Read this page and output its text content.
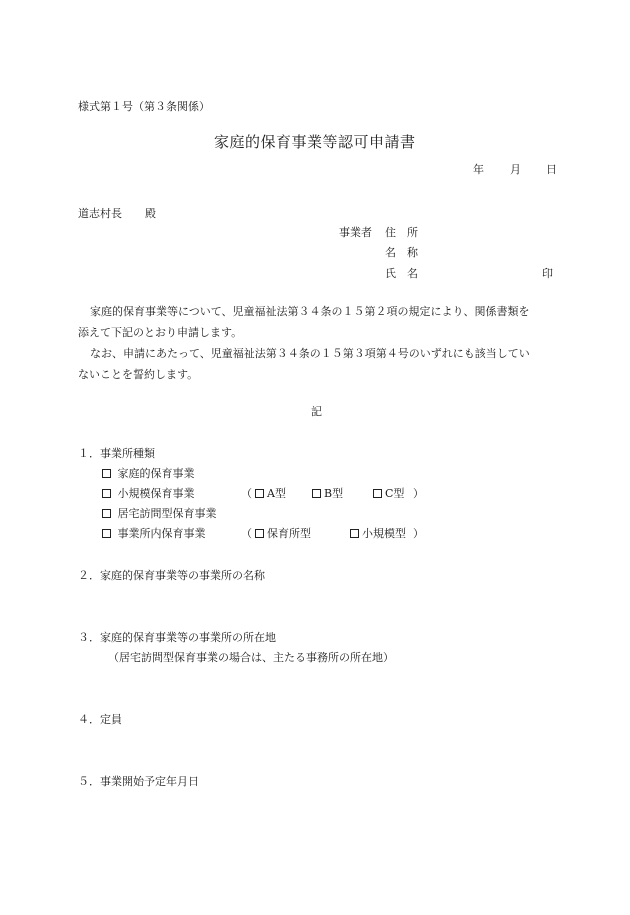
様式第１号（第３条関係）
家庭的保育事業等認可申請書
年 月 日
道志村長 殿
事業者 住　所
名　称
氏　名	印
家庭的保育事業等について、児童福祉法第３４条の１５第２項の規定により、関係書類を
添えて下記のとおり申請します。
なお、申請にあたって、児童福祉法第３４条の１５第３項第４号のいずれにも該当してい
ないことを誓約します。
記
１．事業所種類
家庭的保育事業
小規模保育事業	（	A型	B型	C型 ）
居宅訪問型保育事業
事業所内保育事業	（	保育所型	小規模型 ）
２．家庭的保育事業等の事業所の名称
３．家庭的保育事業等の事業所の所在地
（居宅訪問型保育事業の場合は、主たる事務所の所在地）
４．定員
５．事業開始予定年月日
